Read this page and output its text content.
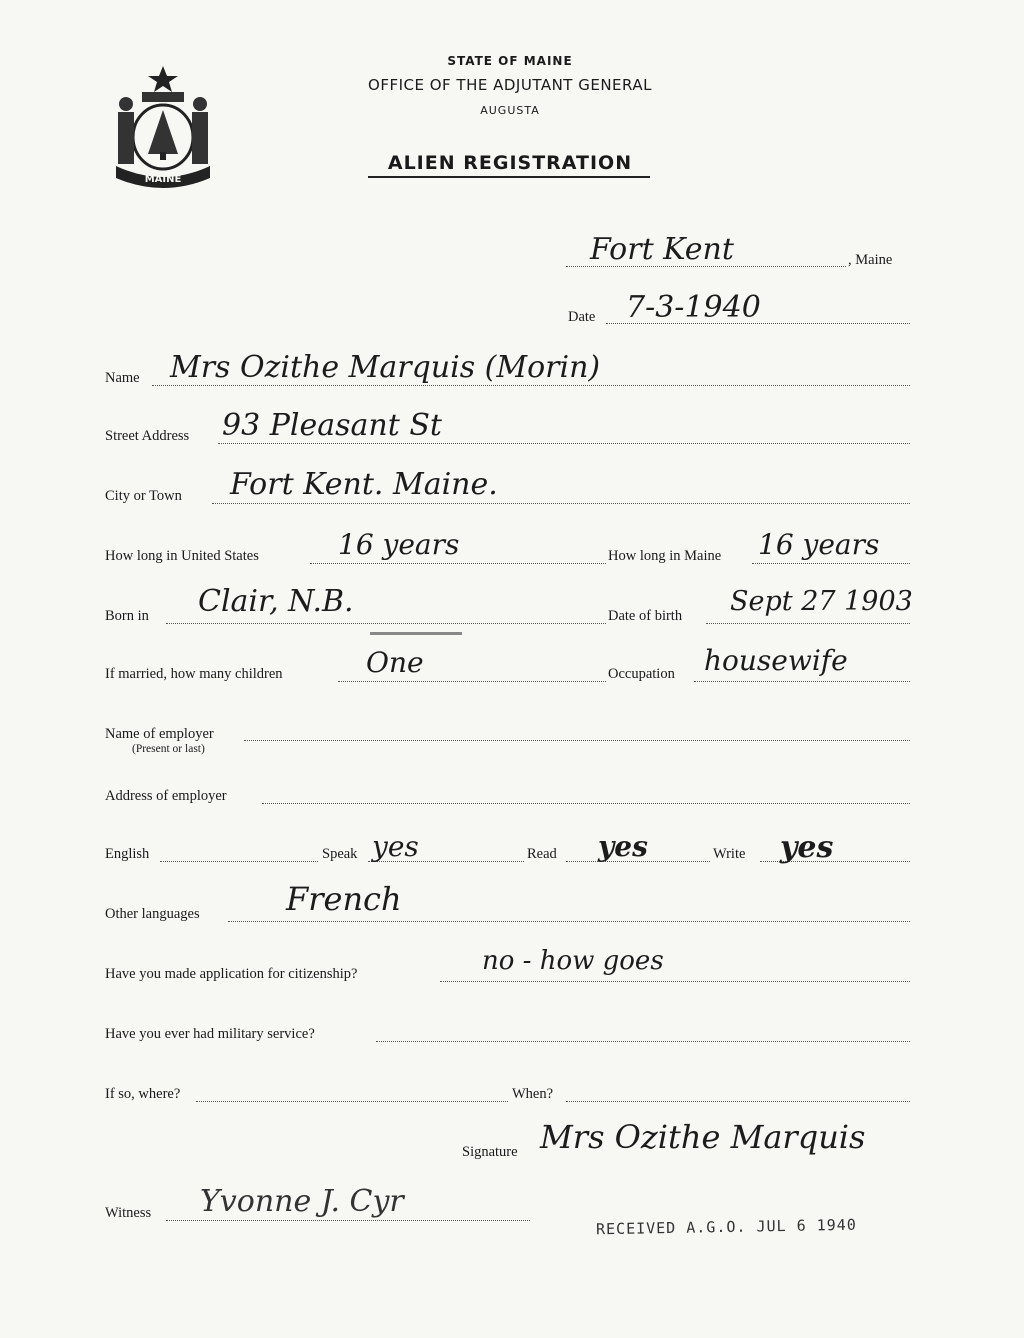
MAINE
STATE OF MAINE
OFFICE OF THE ADJUTANT GENERAL
AUGUSTA
ALIEN REGISTRATION
Fort Kent	, Maine
Date 7-3-1940
Name Mrs Ozithe Marquis (Morin)
Street Address 93 Pleasant St
City or Town Fort Kent. Maine.
How long in United States	16 years	How long in Maine 16 years
Born in Clair, N.B.	Date of birth Sept 27 1903
If married, how many children	One	Occupation housewife
Name of employer
(Present or last)
Address of employer
English	Speak yes	Read yes	Write yes
Other languages	French
Have you made application for citizenship?	no - how goes
Have you ever had military service?
If so, where?	When?
Signature Mrs Ozithe Marquis
Witness Yvonne J. Cyr
RECEIVED A.G.O. JUL 6 1940
